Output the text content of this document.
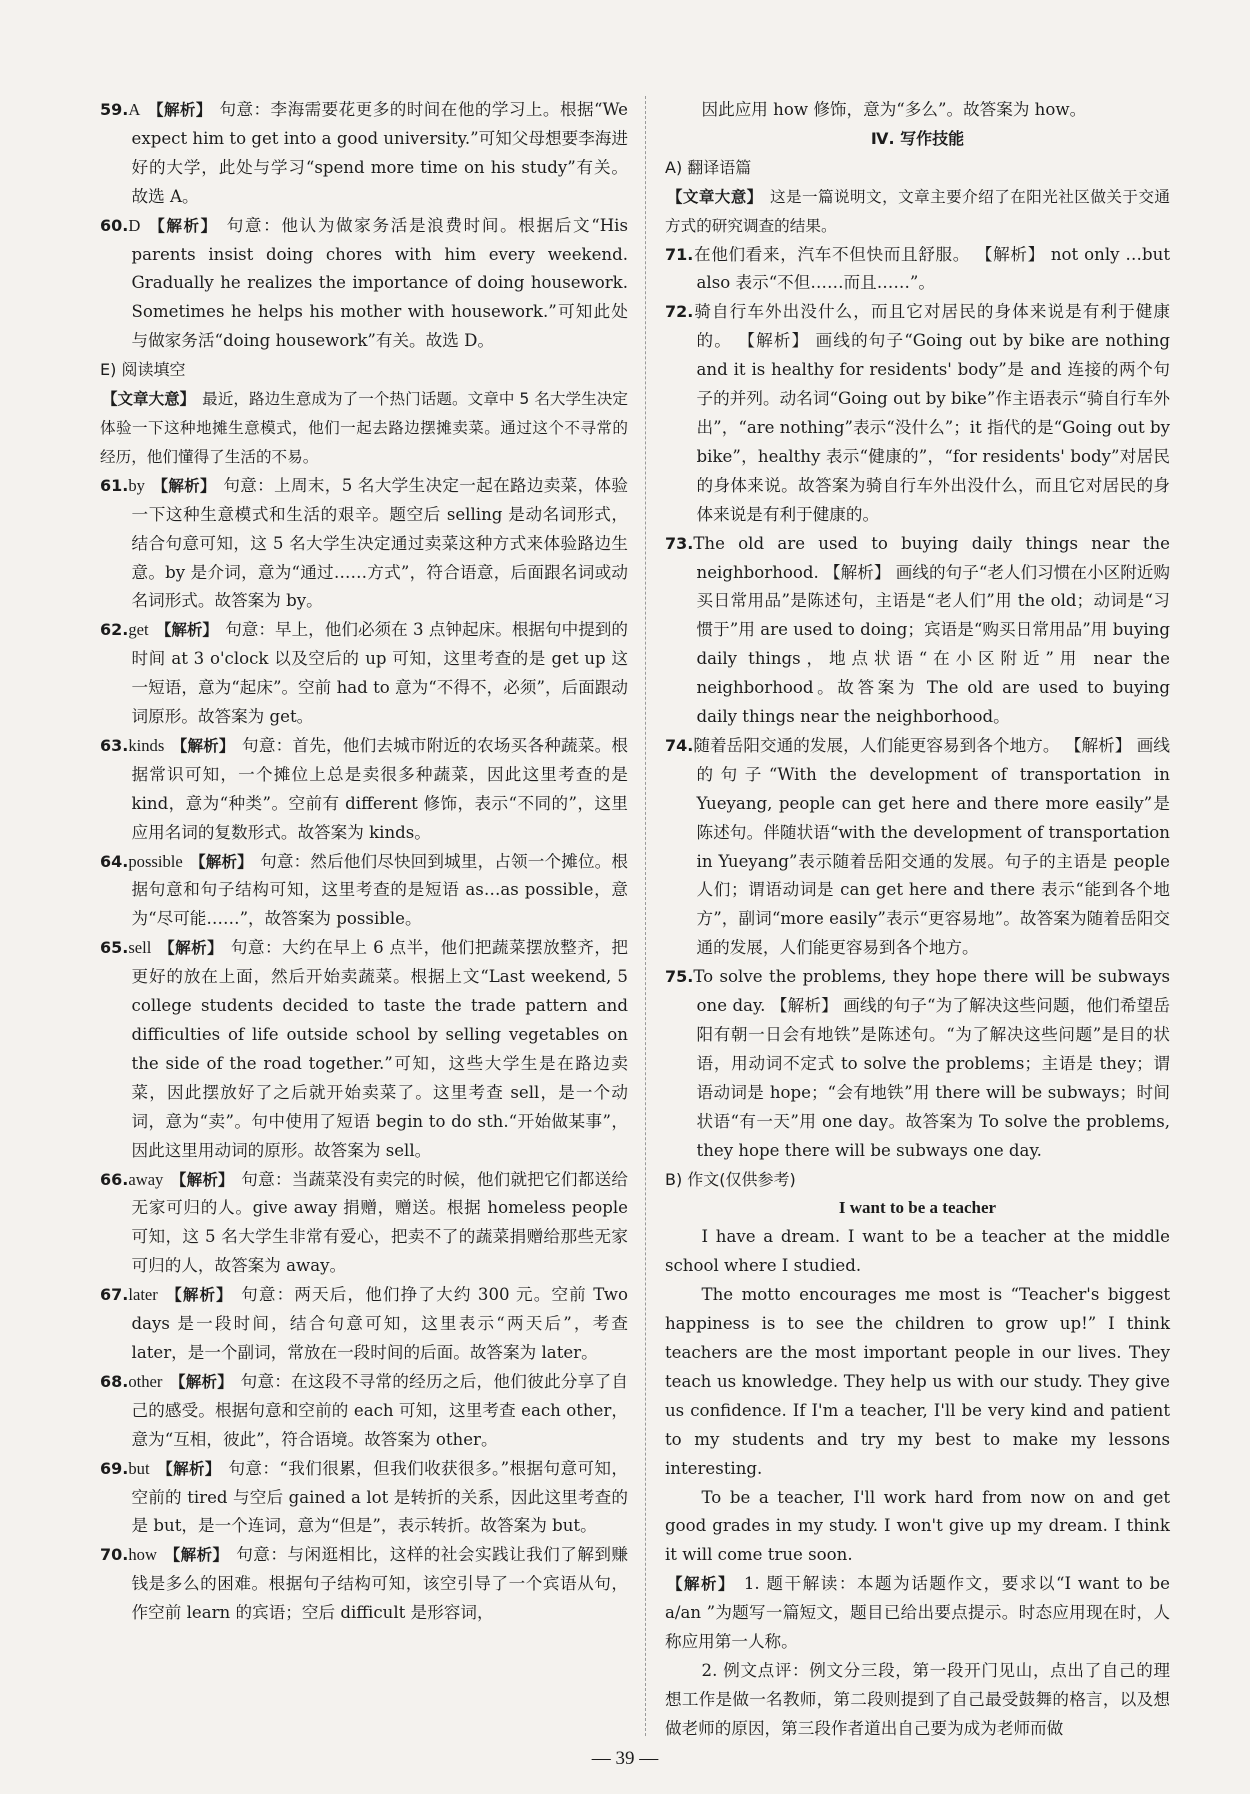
59.A 【解析】 句意：李海需要花更多的时间在他的学习上。根据“We expect him to get into a good university.”可知父母想要李海进好的大学，此处与学习“spend more time on his study”有关。故选 A。

60.D 【解析】 句意：他认为做家务活是浪费时间。根据后文“His parents insist doing chores with him every weekend. Gradually he realizes the importance of doing housework. Sometimes he helps his mother with housework.”可知此处与做家务活“doing housework”有关。故选 D。

E) 阅读填空

【文章大意】 最近，路边生意成为了一个热门话题。文章中 5 名大学生决定体验一下这种地摊生意模式，他们一起去路边摆摊卖菜。通过这个不寻常的经历，他们懂得了生活的不易。

61.by 【解析】 句意：上周末，5 名大学生决定一起在路边卖菜，体验一下这种生意模式和生活的艰辛。题空后 selling 是动名词形式，结合句意可知，这 5 名大学生决定通过卖菜这种方式来体验路边生意。by 是介词，意为“通过……方式”，符合语意，后面跟名词或动名词形式。故答案为 by。

62.get 【解析】 句意：早上，他们必须在 3 点钟起床。根据句中提到的时间 at 3 o'clock 以及空后的 up 可知，这里考查的是 get up 这一短语，意为“起床”。空前 had to 意为“不得不，必须”，后面跟动词原形。故答案为 get。

63.kinds 【解析】 句意：首先，他们去城市附近的农场买各种蔬菜。根据常识可知，一个摊位上总是卖很多种蔬菜，因此这里考查的是 kind，意为“种类”。空前有 different 修饰，表示“不同的”，这里应用名词的复数形式。故答案为 kinds。

64.possible 【解析】 句意：然后他们尽快回到城里，占领一个摊位。根据句意和句子结构可知，这里考查的是短语 as…as possible，意为“尽可能……”，故答案为 possible。

65.sell 【解析】 句意：大约在早上 6 点半，他们把蔬菜摆放整齐，把更好的放在上面，然后开始卖蔬菜。根据上文“Last weekend, 5 college students decided to taste the trade pattern and difficulties of life outside school by selling vegetables on the side of the road together.”可知，这些大学生是在路边卖菜，因此摆放好了之后就开始卖菜了。这里考查 sell，是一个动词，意为“卖”。句中使用了短语 begin to do sth.“开始做某事”，因此这里用动词的原形。故答案为 sell。

66.away 【解析】 句意：当蔬菜没有卖完的时候，他们就把它们都送给无家可归的人。give away 捐赠，赠送。根据 homeless people 可知，这 5 名大学生非常有爱心，把卖不了的蔬菜捐赠给那些无家可归的人，故答案为 away。

67.later 【解析】 句意：两天后，他们挣了大约 300 元。空前 Two days 是一段时间，结合句意可知，这里表示“两天后”，考查 later，是一个副词，常放在一段时间的后面。故答案为 later。

68.other 【解析】 句意：在这段不寻常的经历之后，他们彼此分享了自己的感受。根据句意和空前的 each 可知，这里考查 each other，意为“互相，彼此”，符合语境。故答案为 other。

69.but 【解析】 句意：“我们很累，但我们收获很多。”根据句意可知，空前的 tired 与空后 gained a lot 是转折的关系，因此这里考查的是 but，是一个连词，意为“但是”，表示转折。故答案为 but。

70.how 【解析】 句意：与闲逛相比，这样的社会实践让我们了解到赚钱是多么的困难。根据句子结构可知，该空引导了一个宾语从句，作空前 learn 的宾语；空后 difficult 是形容词，

因此应用 how 修饰，意为“多么”。故答案为 how。

Ⅳ. 写作技能

A) 翻译语篇

【文章大意】 这是一篇说明文，文章主要介绍了在阳光社区做关于交通方式的研究调查的结果。

71.在他们看来，汽车不但快而且舒服。 【解析】 not only …but also 表示“不但……而且……”。

72.骑自行车外出没什么，而且它对居民的身体来说是有利于健康的。 【解析】 画线的句子“Going out by bike are nothing and it is healthy for residents' body”是 and 连接的两个句子的并列。动名词“Going out by bike”作主语表示“骑自行车外出”，“are nothing”表示“没什么”；it 指代的是“Going out by bike”，healthy 表示“健康的”，“for residents' body”对居民的身体来说。故答案为骑自行车外出没什么，而且它对居民的身体来说是有利于健康的。

73.The old are used to buying daily things near the neighborhood. 【解析】 画线的句子“老人们习惯在小区附近购买日常用品”是陈述句，主语是“老人们”用 the old；动词是“习惯于”用 are used to doing；宾语是“购买日常用品”用 buying daily things，地点状语“在小区附近”用 near the neighborhood。故答案为 The old are used to buying daily things near the neighborhood。

74.随着岳阳交通的发展，人们能更容易到各个地方。 【解析】 画线的句子“With the development of transportation in Yueyang, people can get here and there more easily”是陈述句。伴随状语“with the development of transportation in Yueyang”表示随着岳阳交通的发展。句子的主语是 people 人们；谓语动词是 can get here and there 表示“能到各个地方”，副词“more easily”表示“更容易地”。故答案为随着岳阳交通的发展，人们能更容易到各个地方。

75.To solve the problems, they hope there will be subways one day. 【解析】 画线的句子“为了解决这些问题，他们希望岳阳有朝一日会有地铁”是陈述句。“为了解决这些问题”是目的状语，用动词不定式 to solve the problems；主语是 they；谓语动词是 hope；“会有地铁”用 there will be subways；时间状语“有一天”用 one day。故答案为 To solve the problems, they hope there will be subways one day.

B) 作文(仅供参考)

I want to be a teacher

I have a dream. I want to be a teacher at the middle school where I studied.

The motto encourages me most is “Teacher's biggest happiness is to see the children to grow up!” I think teachers are the most important people in our lives. They teach us knowledge. They help us with our study. They give us confidence. If I'm a teacher, I'll be very kind and patient to my students and try my best to make my lessons interesting.

To be a teacher, I'll work hard from now on and get good grades in my study. I won't give up my dream. I think it will come true soon.

【解析】 1. 题干解读：本题为话题作文，要求以“I want to be a/an ”为题写一篇短文，题目已给出要点提示。时态应用现在时，人称应用第一人称。

2. 例文点评：例文分三段，第一段开门见山，点出了自己的理想工作是做一名教师，第二段则提到了自己最受鼓舞的格言，以及想做老师的原因，第三段作者道出自己要为成为老师而做

— 39 —
